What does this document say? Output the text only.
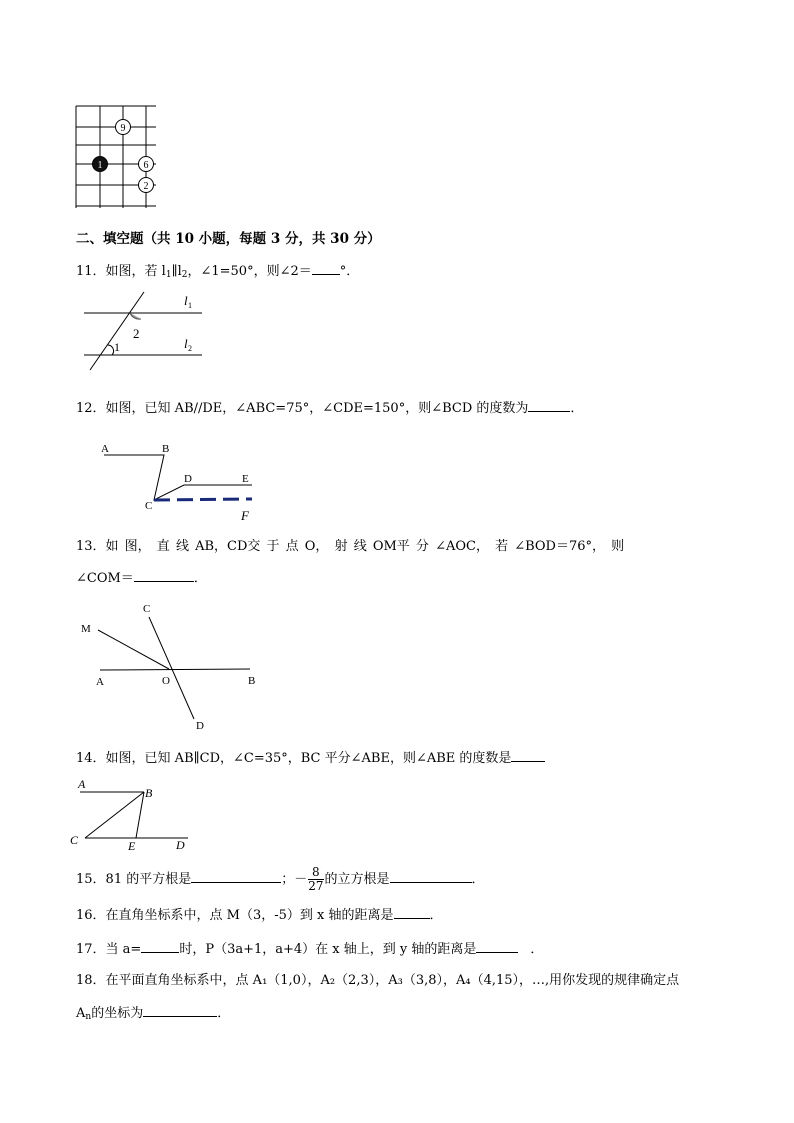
9
1	6
2
二、填空题（共 10 小题，每题 3 分，共 30 分）
11．如图，若 $l_1\parallel l_2$，∠1=50°，则∠2＝ °．
l 1
l 2
2
1
12．如图，已知 AB//DE，∠ABC=75°，∠CDE=150°，则∠BCD 的度数为	．
A	B
C
D	E
F
13．如 图， 直 线 AB，CD交 于 点 O， 射 线 OM平 分 ∠AOC， 若 ∠BOD＝76°， 则
∠COM＝	．
C
M
A	O	B
D
14．如图，已知 AB∥CD，∠C=35°，BC 平分∠ABE，则∠ABE 的度数是
A
B
C	E	D
15．81 的平方根是	；－ $\frac{8}{27}$ 的立方根是	．
16．在直角坐标系中，点 M（3，-5）到 x 轴的距离是	．
17．当 a=	时，P（3a+1，a+4）在 x 轴上，到 y 轴的距离是	．
18．在平面直角坐标系中，点 A₁（1,0），A₂（2,3），A₃（3,8），A₄（4,15），…,用你发现的规律确定点
$A_n$的坐标为	．
